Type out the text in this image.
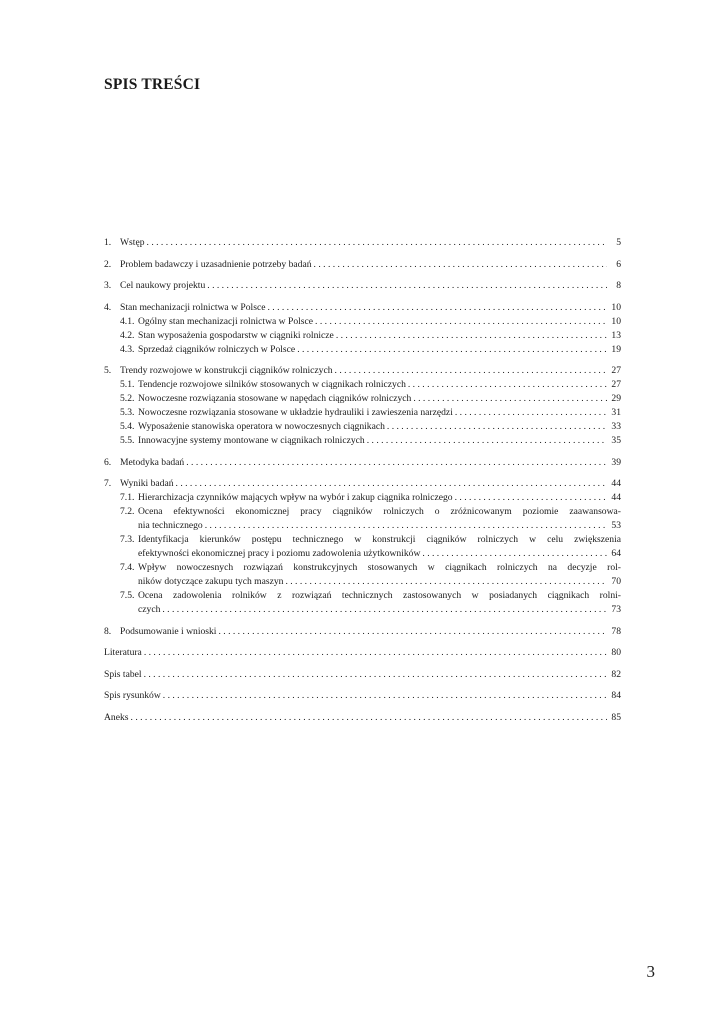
SPIS TREŚCI
1. Wstęp . . .	5
2. Problem badawczy i uzasadnienie potrzeby badań . . .	6
3. Cel naukowy projektu . . .	8
4. Stan mechanizacji rolnictwa w Polsce . . .	10
4.1. Ogólny stan mechanizacji rolnictwa w Polsce . . .	10
4.2. Stan wyposażenia gospodarstw w ciągniki rolnicze . . .	13
4.3. Sprzedaż ciągników rolniczych w Polsce . . .	19
5. Trendy rozwojowe w konstrukcji ciągników rolniczych . . .	27
5.1. Tendencje rozwojowe silników stosowanych w ciągnikach rolniczych . . .	27
5.2. Nowoczesne rozwiązania stosowane w napędach ciągników rolniczych . . .	29
5.3. Nowoczesne rozwiązania stosowane w układzie hydrauliki i zawieszenia narzędzi . . .	31
5.4. Wyposażenie stanowiska operatora w nowoczesnych ciągnikach . . .	33
5.5. Innowacyjne systemy montowane w ciągnikach rolniczych . . .	35
6. Metodyka badań . . .	39
7. Wyniki badań . . .	44
7.1. Hierarchizacja czynników mających wpływ na wybór i zakup ciągnika rolniczego . . .	44
7.2. Ocena efektywności ekonomicznej pracy ciągników rolniczych o zróżnicowanym poziomie zaawansowa-
nia technicznego . . .	53
7.3. Identyfikacja kierunków postępu technicznego w konstrukcji ciągników rolniczych w celu zwiększenia
efektywności ekonomicznej pracy i poziomu zadowolenia użytkowników . . .	64
7.4. Wpływ nowoczesnych rozwiązań konstrukcyjnych stosowanych w ciągnikach rolniczych na decyzje rol-
ników dotyczące zakupu tych maszyn . . .	70
7.5. Ocena zadowolenia rolników z rozwiązań technicznych zastosowanych w posiadanych ciągnikach rolni-
czych . . .	73
8. Podsumowanie i wnioski . . .	78
Literatura . . .	80
Spis tabel . . .	82
Spis rysunków . . .	84
Aneks . . .	85
3
